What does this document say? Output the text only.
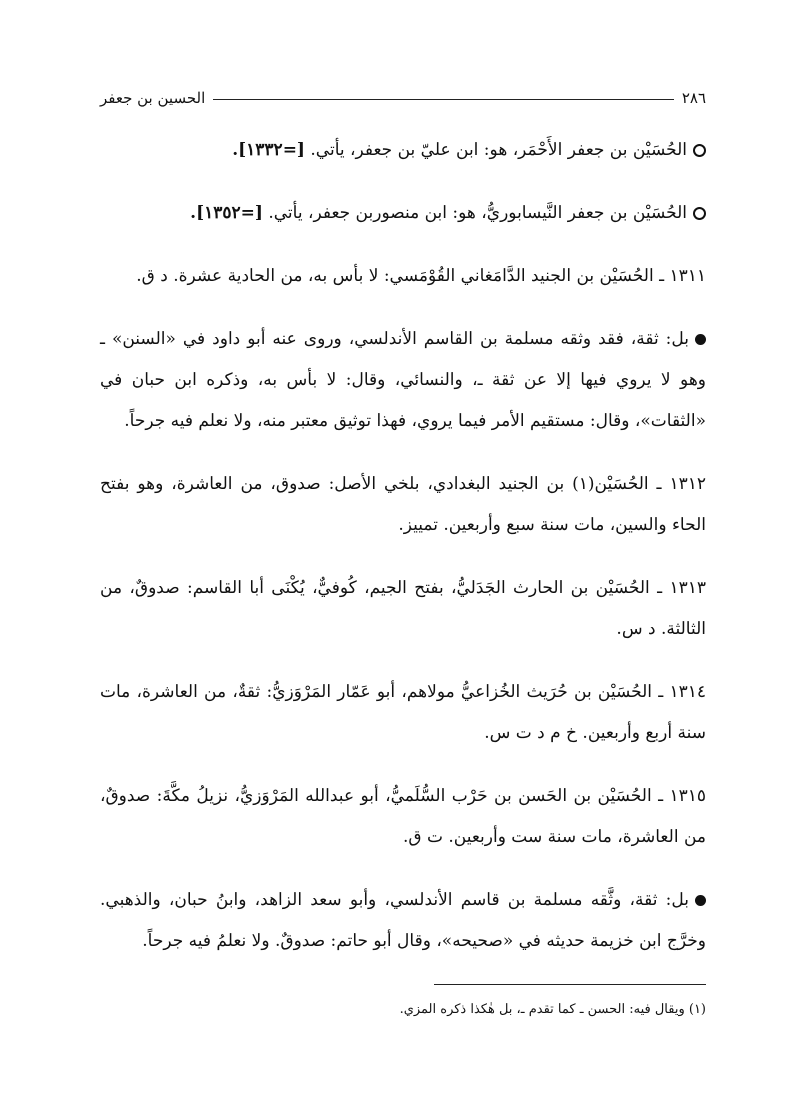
٢٨٦
الحسين بن جعفر

الحُسَيْن بن جعفر الأَحْمَر، هو: ابن عليّ بن جعفر، يأتي. [=١٣٣٢].

الحُسَيْن بن جعفر النَّيسابوريُّ، هو: ابن منصوربن جعفر، يأتي. [=١٣٥٢].

١٣١١ ـ الحُسَيْن بن الجنيد الدَّامَغاني القُوْمَسي: لا بأس به، من الحادية عشرة. د ق.

بل: ثقة، فقد وثقه مسلمة بن القاسم الأندلسي، وروى عنه أبو داود في «السنن» ـ وهو لا يروي فيها إلا عن ثقة ـ، والنسائي، وقال: لا بأس به، وذكره ابن حبان في «الثقات»، وقال: مستقيم الأمر فيما يروي، فهذا توثيق معتبر منه، ولا نعلم فيه جرحاً.

١٣١٢ ـ الحُسَيْن(١) بن الجنيد البغدادي، بلخي الأصل: صدوق، من العاشرة، وهو بفتح الحاء والسين، مات سنة سبع وأربعين. تمييز.

١٣١٣ ـ الحُسَيْن بن الحارث الجَدَليُّ، بفتح الجيم، كُوفيٌّ، يُكْنَى أبا القاسم: صدوقٌ، من الثالثة. د س.

١٣١٤ ـ الحُسَيْن بن حُرَيث الخُزاعيُّ مولاهم، أبو عَمّار المَرْوَزيُّ: ثقةٌ، من العاشرة، مات سنة أربع وأربعين. خ م د ت س.

١٣١٥ ـ الحُسَيْن بن الحَسن بن حَرْب السُّلَميُّ، أبو عبدالله المَرْوَزيُّ، نزيلُ مكَّةَ: صدوقٌ، من العاشرة، مات سنة ست وأربعين. ت ق.

بل: ثقة، وثَّقه مسلمة بن قاسم الأندلسي، وأبو سعد الزاهد، وابنُ حبان، والذهبي. وخرَّج ابن خزيمة حديثه في «صحيحه»، وقال أبو حاتم: صدوقٌ. ولا نعلمُ فيه جرحاً.

(١) ويقال فيه: الحسن ـ كما تقدم ـ، بل هٰكذا ذكره المزي.
